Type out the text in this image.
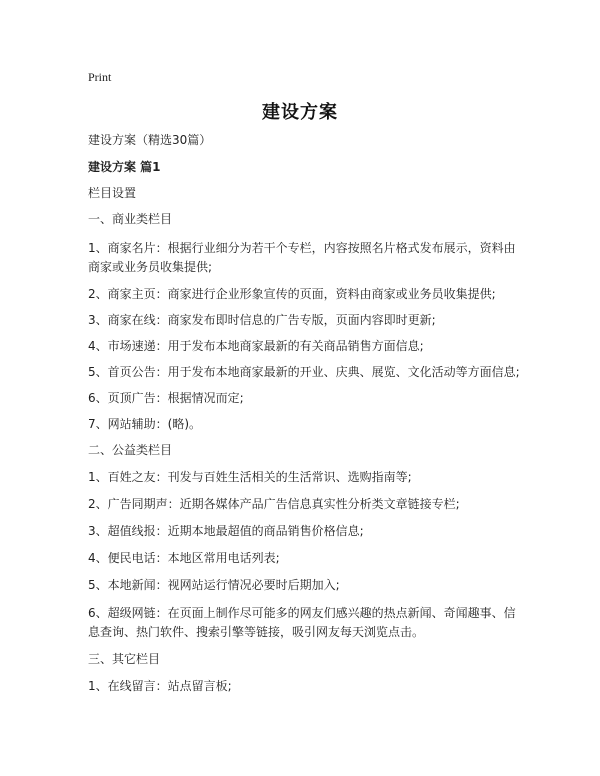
Print
建设方案
建设方案（精选30篇）
建设方案 篇1
栏目设置
一、商业类栏目
1、商家名片：根据行业细分为若干个专栏，内容按照名片格式发布展示，资料由商家或业务员收集提供;
2、商家主页：商家进行企业形象宣传的页面，资料由商家或业务员收集提供;
3、商家在线：商家发布即时信息的广告专版，页面内容即时更新;
4、市场速递：用于发布本地商家最新的有关商品销售方面信息;
5、首页公告：用于发布本地商家最新的开业、庆典、展览、文化活动等方面信息;
6、页顶广告：根据情况而定;
7、网站辅助：(略)。
二、公益类栏目
1、百姓之友：刊发与百姓生活相关的生活常识、选购指南等;
2、广告同期声：近期各媒体产品广告信息真实性分析类文章链接专栏;
3、超值线报：近期本地最超值的商品销售价格信息;
4、便民电话：本地区常用电话列表;
5、本地新闻：视网站运行情况必要时后期加入;
6、超级网链：在页面上制作尽可能多的网友们感兴趣的热点新闻、奇闻趣事、信息查询、热门软件、搜索引擎等链接，吸引网友每天浏览点击。
三、其它栏目
1、在线留言：站点留言板;
